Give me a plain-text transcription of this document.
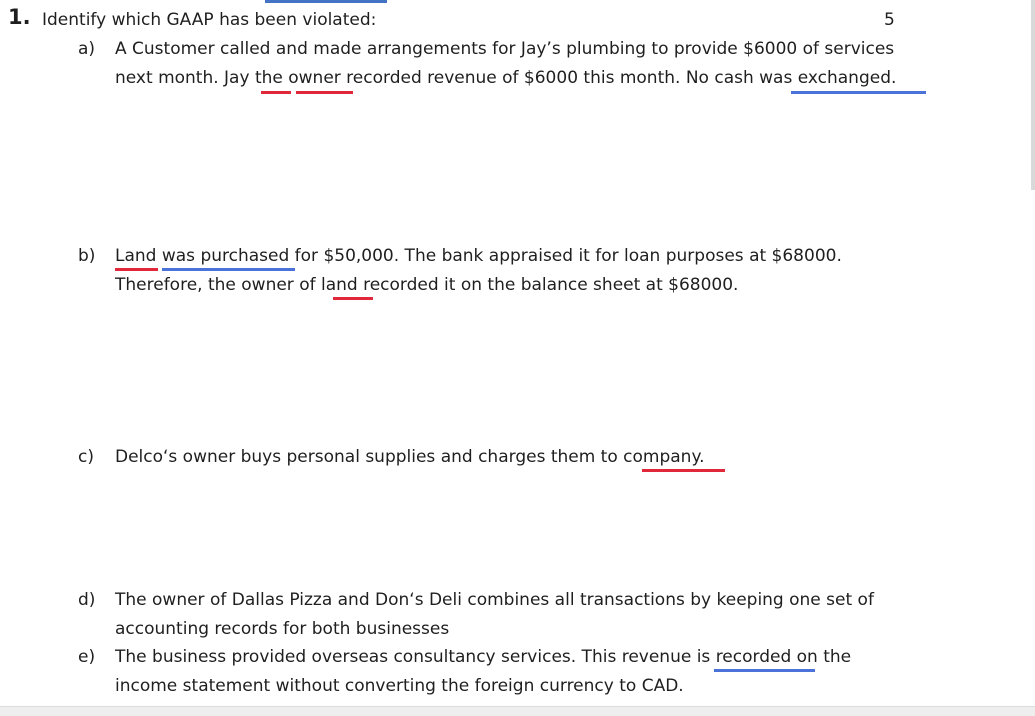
1. Identify which GAAP has been violated:	5
a) A Customer called and made arrangements for Jay’s plumbing to provide $6000 of services
next month. Jay the owner recorded revenue of $6000 this month. No cash was exchanged.
b) Land was purchased for $50,000. The bank appraised it for loan purposes at $68000.
Therefore, the owner of land recorded it on the balance sheet at $68000.
c) Delco‘s owner buys personal supplies and charges them to company.
d) The owner of Dallas Pizza and Don‘s Deli combines all transactions by keeping one set of
accounting records for both businesses
e) The business provided overseas consultancy services. This revenue is recorded on the
income statement without converting the foreign currency to CAD.
